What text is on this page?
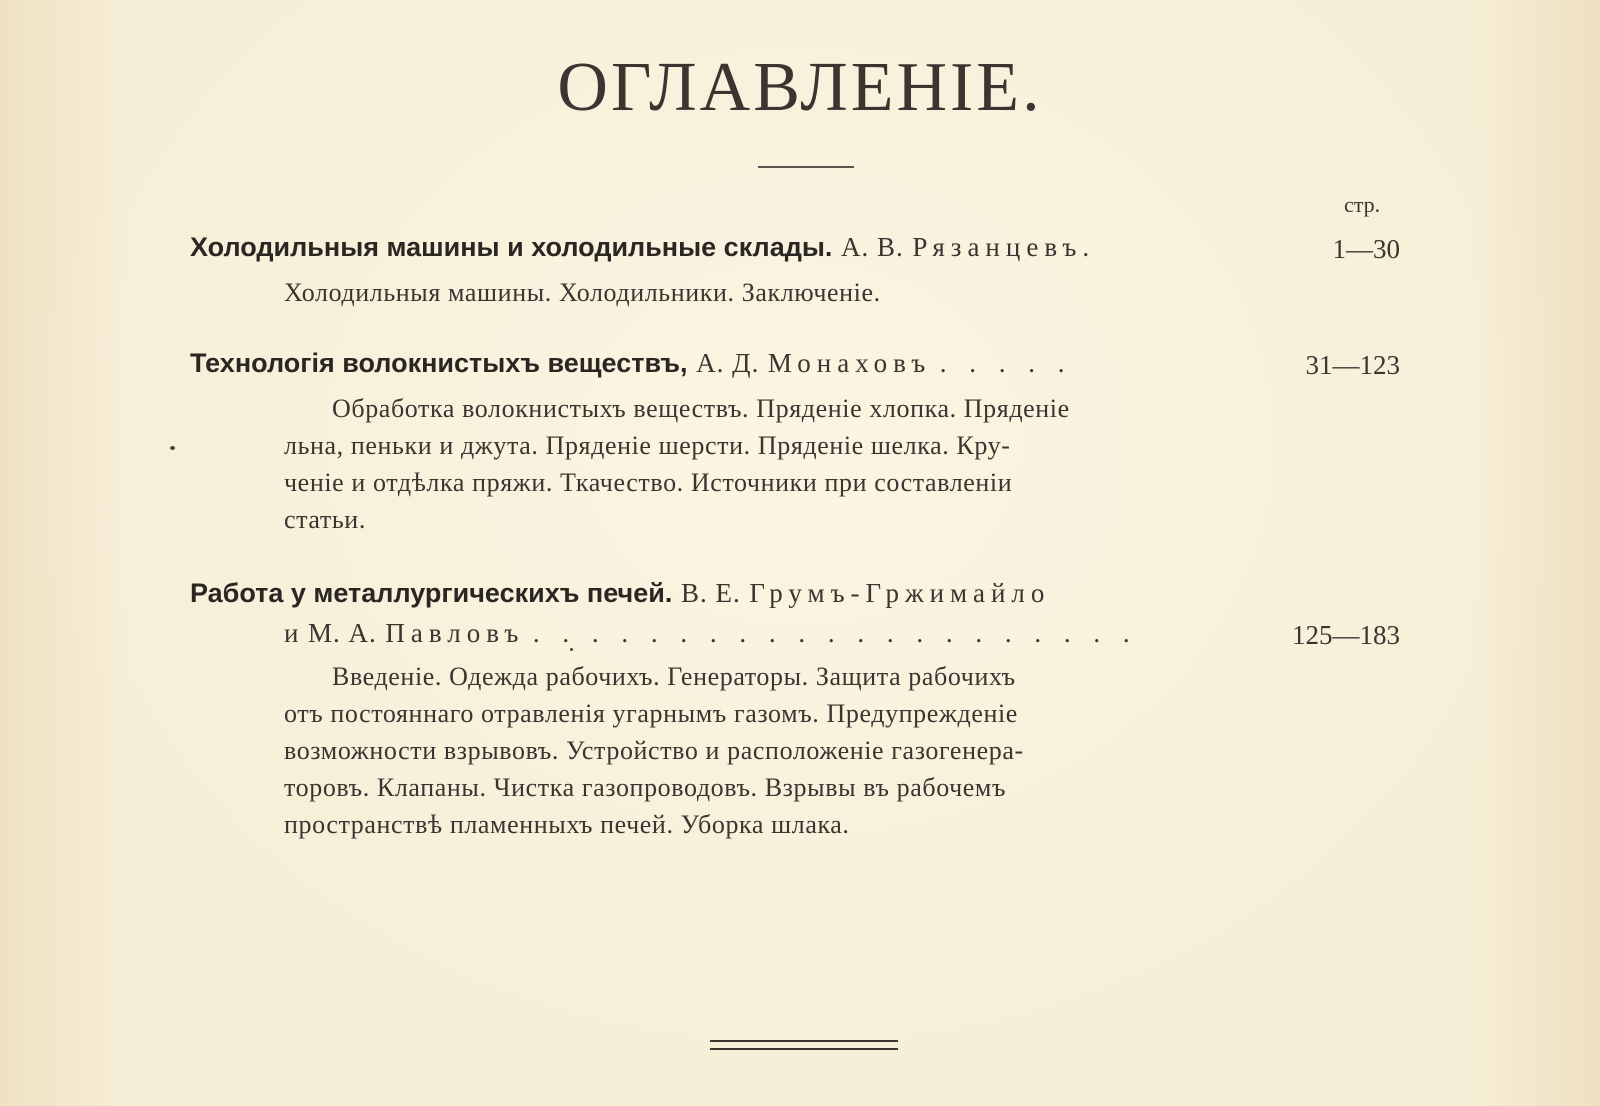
ОГЛАВЛЕНІЕ.
стр.
Холодильныя машины и холодильные склады. А. В. Рязанцевъ.	1—30
Холодильныя машины. Холодильники. Заключеніе.
Технологія волокнистыхъ веществъ, А. Д. Монаховъ . . . . .	31—123
Обработка волокнистыхъ веществъ. Пряденіе хлопка. Пряденіе
льна, пеньки и джута. Пряденіе шерсти. Пряденіе шелка. Кру-
ченіе и отдѣлка пряжи. Ткачество. Источники при составленіи
статьи.
Работа у металлургическихъ печей. В. Е. Грумъ-Гржимайло
и М. А. Павловъ . . . . . . . . . . . . . . . . . . . . .	125—183
Введеніе. Одежда рабочихъ. Генераторы. Защита рабочихъ
отъ постояннаго отравленія угарнымъ газомъ. Предупрежденіе
возможности взрывовъ. Устройство и расположеніе газогенера-
торовъ. Клапаны. Чистка газопроводовъ. Взрывы въ рабочемъ
пространствѣ пламенныхъ печей. Уборка шлака.
